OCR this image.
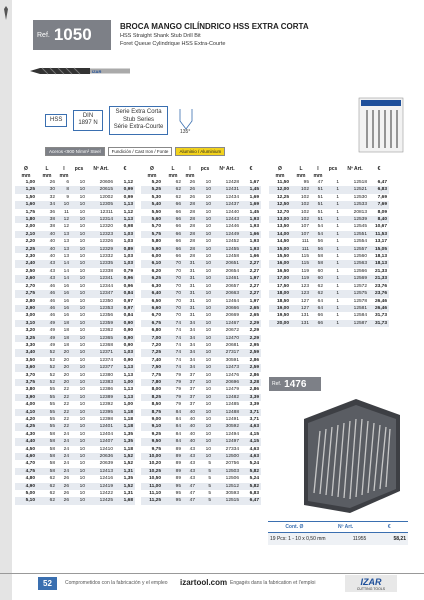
Ref. 1050	BROCA MANGO CILÍNDRICO HSS EXTRA CORTA
HSS Straight Shank Stub Drill Bit
Foret Queue Cylindrique HSS Extra-Courte
IZAR
HSS
DIN
1897 N
Serie Extra Corta
Stub Series
Série Extra-Courte
135°
Aceros <900 N/mm² Steel	Fundición / Cast Iron / Fonte	Aluminio / Aluminium
Ø	L	l	pcs	Nº Art.	€
mm	mm	mm			
1,00	26	6	10	20606	1,12
1,25	30	8	10	20615	0,99
1,50	32	9	10	12002	0,99
1,60	34	10	10	12305	1,13
1,75	36	11	10	12311	1,12
1,80	38	12	10	12314	1,13
2,00	38	12	10	12320	0,98
2,10	40	13	10	12323	1,03
2,20	40	13	10	12326	1,03
2,25	40	13	10	12329	0,89
2,30	40	13	10	12332	1,03
2,40	43	14	10	12335	1,03
2,50	43	14	10	12338	0,79
2,60	43	14	10	12341	0,96
2,70	46	16	10	12344	0,96
2,75	46	16	10	12347	0,84
2,80	46	16	10	12350	0,97
2,90	46	16	10	12353	0,97
3,00	46	16	10	12356	0,84
3,10	49	18	10	12359	0,90
3,20	49	18	10	12362	0,90
3,25	49	18	10	12365	0,90
3,30	49	18	10	12368	0,90
3,40	52	20	10	12371	1,03
3,50	52	20	10	12374	0,90
3,60	52	20	10	12377	1,13
3,70	52	20	10	12380	1,13
3,75	52	20	10	12383	1,00
3,80	55	22	10	12386	1,13
3,90	55	22	10	12389	1,13
4,00	55	22	10	12392	1,00
4,10	55	22	10	12395	1,18
4,20	55	22	10	12398	1,18
4,25	55	22	10	12401	1,18
4,30	58	24	10	12404	1,35
4,40	58	24	10	12407	1,35
4,50	58	24	10	12410	1,18
4,60	58	24	10	20636	1,52
4,70	58	24	10	20639	1,52
4,75	58	24	10	12413	1,31
4,80	62	26	10	12416	1,35
4,90	62	26	10	12419	1,52
5,00	62	26	10	12422	1,31
5,10	62	26	10	12425	1,68
Ø	L	l	pcs	Nº Art.	€
mm	mm	mm			
5,20	62	26	10	12428	1,67
5,25	62	26	10	12431	1,45
5,30	62	26	10	12434	1,69
5,40	66	28	10	12437	1,69
5,50	66	28	10	12440	1,45
5,60	66	28	10	12443	1,93
5,70	66	28	10	12446	1,93
5,75	66	28	10	12449	1,66
5,80	66	28	10	12452	1,93
5,90	66	28	10	12455	1,93
6,00	66	28	10	12458	1,66
6,10	70	31	10	20651	2,27
6,20	70	31	10	20654	2,27
6,25	70	31	10	12461	1,97
6,30	70	31	10	20657	2,27
6,40	70	31	10	20663	2,27
6,50	70	31	10	12464	1,97
6,60	70	31	10	20666	2,65
6,70	70	31	10	20669	2,65
6,75	74	34	10	12467	2,29
6,80	74	34	10	20672	2,29
7,00	74	34	10	12470	2,29
7,20	74	34	10	20681	2,95
7,25	74	34	10	27317	2,59
7,40	74	34	10	30591	2,86
7,50	74	34	10	12473	2,59
7,75	79	37	10	12476	2,86
7,80	79	37	10	20696	3,28
8,00	79	37	10	12479	2,86
8,25	79	37	10	12482	3,39
8,50	79	37	10	12485	3,39
8,75	84	40	10	12488	3,71
9,00	84	40	10	12491	3,71
9,10	84	40	10	30592	4,63
9,25	84	40	10	12494	4,15
9,50	84	40	10	12497	4,15
9,75	89	43	10	27334	4,63
10,00	89	43	10	12500	4,63
10,20	89	43	5	20756	5,24
10,25	89	43	5	12503	5,82
10,50	89	43	5	12506	5,24
11,00	95	47	5	12512	5,82
11,10	95	47	5	30593	6,83
11,25	95	47	5	12515	6,47
Ø	L	l	pcs	Nº Art.	€
mm	mm	mm			
11,50	95	47	1	12518	6,47
12,00	102	51	1	12521	6,83
12,25	102	51	1	12530	7,69
12,50	102	51	1	12533	7,69
12,70	102	51	1	20813	8,09
13,00	102	51	1	12539	8,40
13,50	107	54	1	12545	10,67
14,00	107	54	1	12551	11,53
14,50	111	56	1	12554	13,17
15,00	111	56	1	12557	15,05
15,50	115	58	1	12560	18,13
16,00	115	58	1	12563	18,13
16,50	119	60	1	12566	21,33
17,00	119	60	1	12569	21,33
17,50	123	62	1	12572	23,76
18,00	123	62	1	12575	23,76
18,50	127	64	1	12578	26,46
19,00	127	64	1	12581	26,46
19,50	131	66	1	12584	31,73
20,00	131	66	1	12587	31,73
Ref. 1476
Cont. Ø	Nº Art.	€
19 Pcs: 1 - 10 x 0,50 mm	11955	58,21
52	Comprometidos con la fabricación y el empleo izartool.com Engagés dans la fabrication et l'emploi	IZAR
CUTTING TOOLS
